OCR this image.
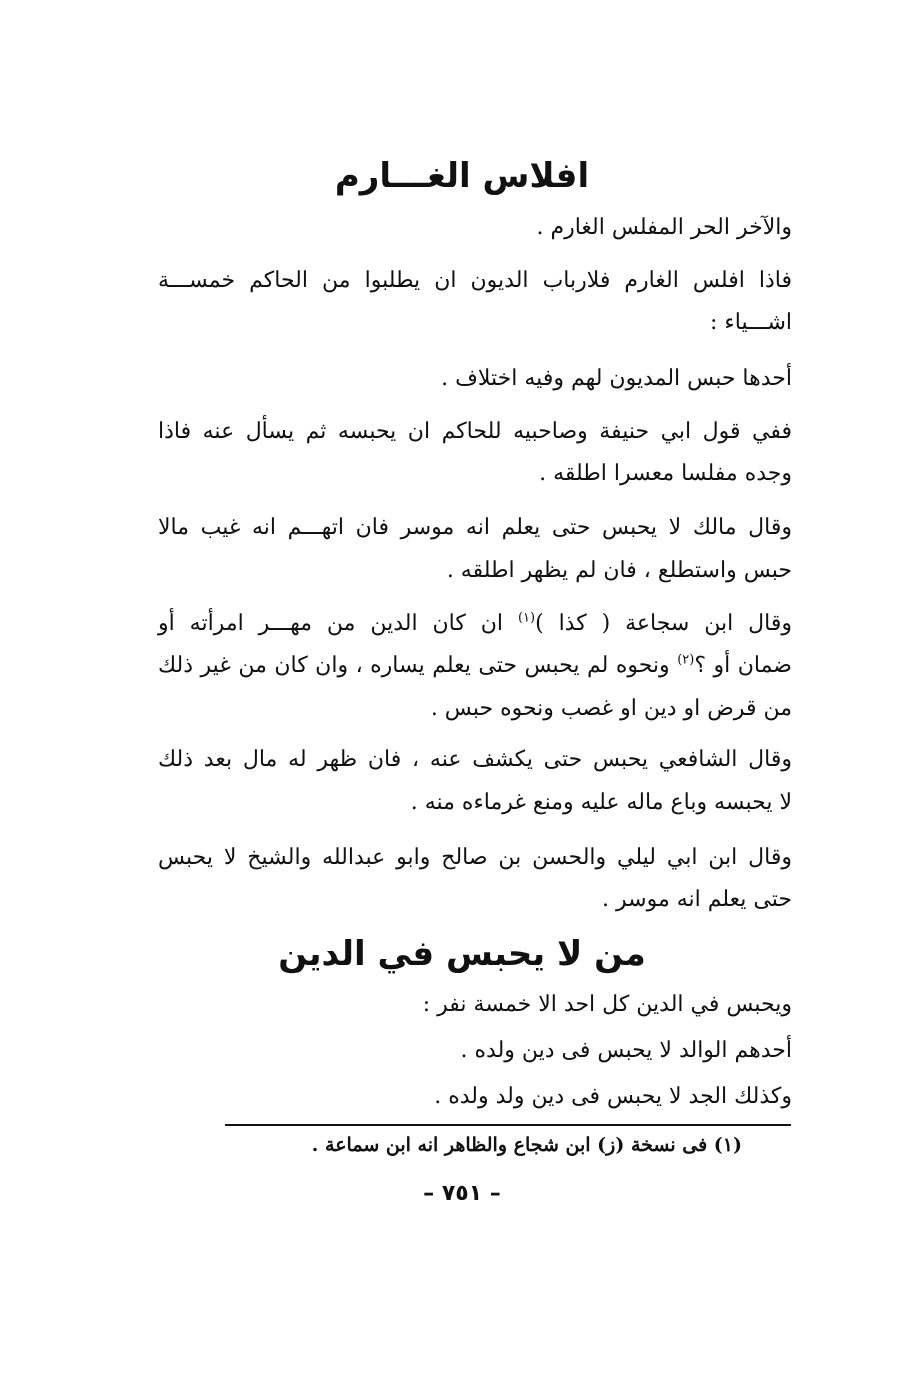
افلاس الغـــارم
والآخر الحر المفلس الغارم .
فاذا افلس الغارم فلارباب الديون ان يطلبوا من الحاكم خمســـة
اشـــياء :
أحدها حبس المديون لهم وفيه اختلاف .
ففي قول ابي حنيفة وصاحبيه للحاكم ان يحبسه ثم يسأل عنه فاذا
وجده مفلسا معسرا اطلقه .
وقال مالك لا يحبس حتى يعلم انه موسر فان اتهـــم انه غيب مالا
حبس واستطلع ، فان لم يظهر اطلقه .
وقال ابن سجاعة ( كذا )$^{(١)}$ ان كان الدين من مهـــر امرأته أو
ضمان أو ؟$^{(٢)}$ ونحوه لم يحبس حتى يعلم يساره ، وان كان من غير ذلك
من قرض او دين او غصب ونحوه حبس .
وقال الشافعي يحبس حتى يكشف عنه ، فان ظهر له مال بعد ذلك
لا يحبسه وباع ماله عليه ومنع غرماءه منه .
وقال ابن ابي ليلي والحسن بن صالح وابو عبدالله والشيخ لا يحبس
حتى يعلم انه موسر .
من لا يحبس في الدين
ويحبس في الدين كل احد الا خمسة نفر :
أحدهم الوالد لا يحبس فى دين ولده .
وكذلك الجد لا يحبس فى دين ولد ولده .
(١) فى نسخة (ز) ابن شجاع والظاهر انه ابن سماعة .
– ٧٥١ –
